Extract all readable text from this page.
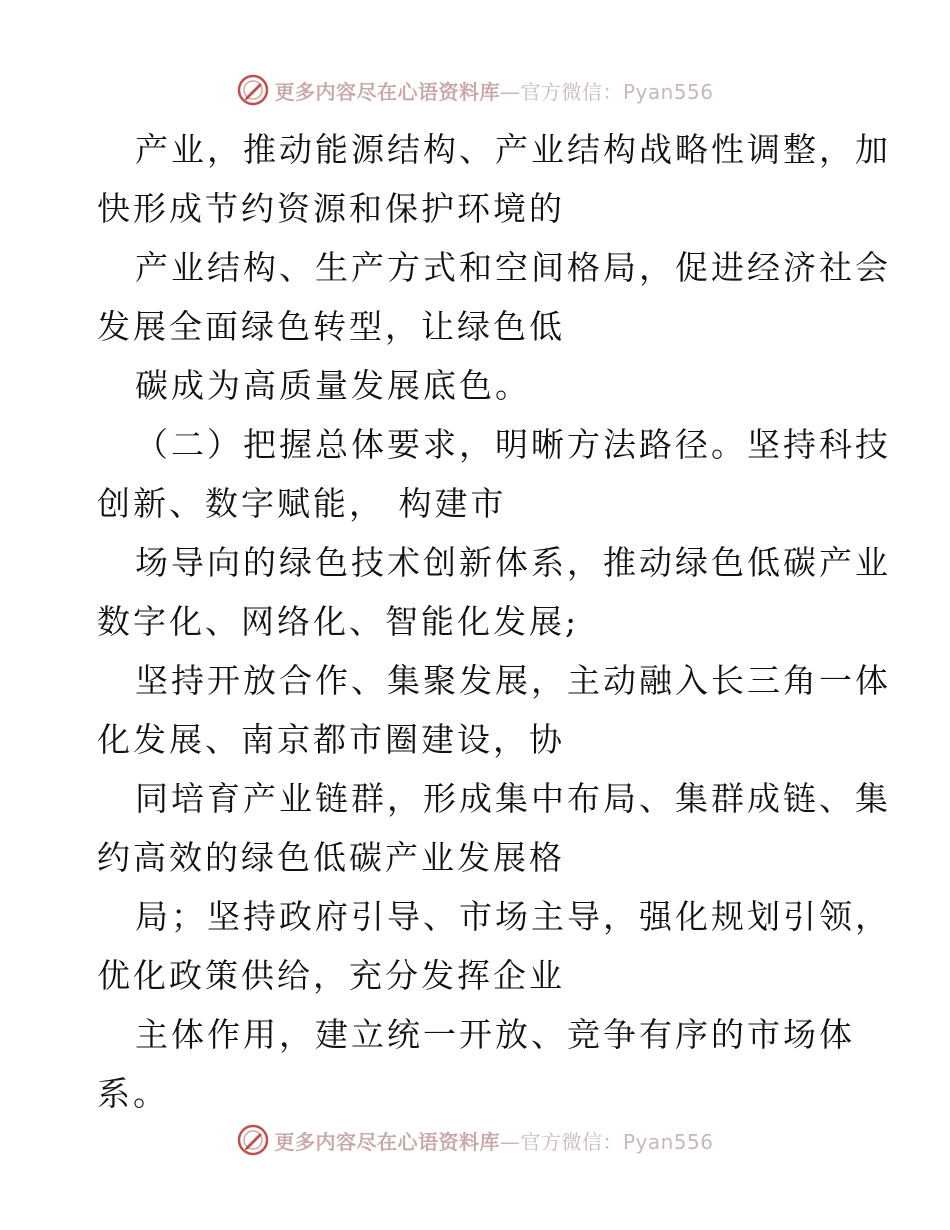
更多内容尽在心语资料库—官方微信：Pyan556
产业，推动能源结构、产业结构战略性调整，加
快形成节约资源和保护环境的
产业结构、生产方式和空间格局，促进经济社会
发展全面绿色转型，让绿色低
碳成为高质量发展底色。
（二）把握总体要求，明晰方法路径。坚持科技
创新、数字赋能， 构建市
场导向的绿色技术创新体系，推动绿色低碳产业
数字化、网络化、智能化发展;
坚持开放合作、集聚发展，主动融入长三角一体
化发展、南京都市圈建设，协
同培育产业链群，形成集中布局、集群成链、集
约高效的绿色低碳产业发展格
局；坚持政府引导、市场主导，强化规划引领，
优化政策供给，充分发挥企业
主体作用，建立统一开放、竞争有序的市场体
系。
更多内容尽在心语资料库—官方微信：Pyan556
